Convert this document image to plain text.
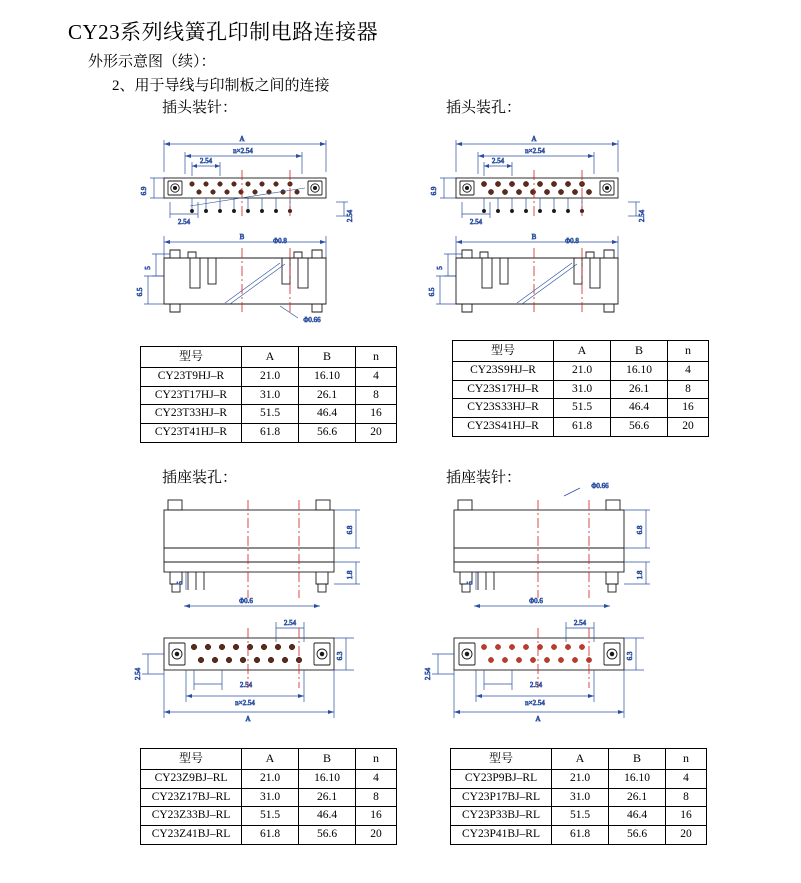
CY23系列线簧孔印制电路连接器
外形示意图（续）：
2、用于导线与印制板之间的连接
插头装针：	插头装孔：
插座装孔：	插座装针：
A
n×2.54
2.54
6.9
2.54	2.54
B	Φ0.8
5
6.5
Φ0.66
A
n×2.54
2.54
6.9
2.54	2.54
B	Φ0.8
5
6.5
型号	A	B	n
CY23T9HJ–R	21.0	16.10	4
CY23T17HJ–R	31.0	26.1	8
CY23T33HJ–R	51.5	46.4	16
CY23T41HJ–R	61.8	56.6	20
型号	A	B	n
CY23S9HJ–R	21.0	16.10	4
CY23S17HJ–R	31.0	26.1	8
CY23S33HJ–R	51.5	46.4	16
CY23S41HJ–R	61.8	56.6	20
6.8
1.8
5
Φ0.6
2.54
6.3
2.54
2.54
n×2.54
A
Φ0.66
6.8
1.8
5
Φ0.6
2.54
6.3
2.54
2.54
n×2.54
A
型号	A	B	n
CY23Z9BJ–RL	21.0	16.10	4
CY23Z17BJ–RL	31.0	26.1	8
CY23Z33BJ–RL	51.5	46.4	16
CY23Z41BJ–RL	61.8	56.6	20
型号	A	B	n
CY23P9BJ–RL	21.0	16.10	4
CY23P17BJ–RL	31.0	26.1	8
CY23P33BJ–RL	51.5	46.4	16
CY23P41BJ–RL	61.8	56.6	20
